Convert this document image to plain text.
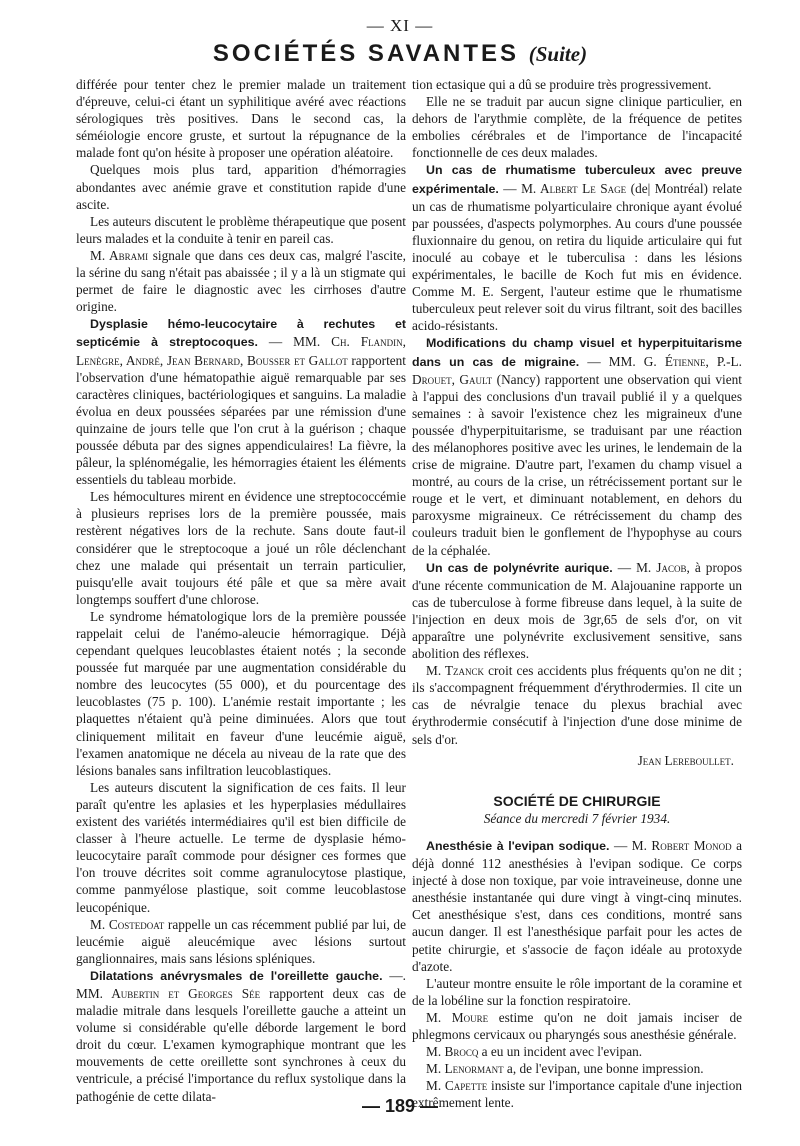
— XI —
SOCIÉTÉS SAVANTES (Suite)

différée pour tenter chez le premier malade un traitement d'épreuve, celui-ci étant un syphilitique avéré avec réactions sérologiques très positives. Dans le second cas, la séméiologie encore gruste, et surtout la répugnance de la malade font qu'on hésite à proposer une opération aléatoire.

Quelques mois plus tard, apparition d'hémorragies abondantes avec anémie grave et constitution rapide d'une ascite.

Les auteurs discutent le problème thérapeutique que posent leurs malades et la conduite à tenir en pareil cas.

M. Abrami signale que dans ces deux cas, malgré l'ascite, la sérine du sang n'était pas abaissée ; il y a là un stigmate qui permet de faire le diagnostic avec les cirrhoses d'autre origine.

Dysplasie hémo-leucocytaire à rechutes et septicémie à streptocoques. — MM. Ch. Flandin, Lenègre, André, Jean Bernard, Bousser et Gallot rapportent l'observation d'une hématopathie aiguë remarquable par ses caractères cliniques, bactériologiques et sanguins. La maladie évolua en deux poussées séparées par une rémission d'une quinzaine de jours telle que l'on crut à la guérison ; chaque poussée débuta par des signes appendiculaires! La fièvre, la pâleur, la splénomégalie, les hémorragies étaient les éléments essentiels du tableau morbide.

Les hémocultures mirent en évidence une streptococcémie à plusieurs reprises lors de la première poussée, mais restèrent négatives lors de la rechute. Sans doute faut-il considérer que le streptocoque a joué un rôle déclenchant chez une malade qui présentait un terrain particulier, puisqu'elle avait toujours été pâle et que sa mère avait longtemps souffert d'une chlorose.

Le syndrome hématologique lors de la première poussée rappelait celui de l'anémo-aleucie hémorragique. Déjà cependant quelques leucoblastes étaient notés ; la seconde poussée fut marquée par une augmentation considérable du nombre des leucocytes (55 000), et du pourcentage des leucoblastes (75 p. 100). L'anémie restait importante ; les plaquettes n'étaient qu'à peine diminuées. Alors que tout cliniquement militait en faveur d'une leucémie aiguë, l'examen anatomique ne décela au niveau de la rate que des lésions banales sans infiltration leucoblastiques.

Les auteurs discutent la signification de ces faits. Il leur paraît qu'entre les aplasies et les hyperplasies médullaires existent des variétés intermédiaires qu'il est bien difficile de classer à l'heure actuelle. Le terme de dysplasie hémo-leucocytaire paraît commode pour désigner ces formes que l'on trouve décrites soit comme agranulocytose plastique, comme panmyélose plastique, soit comme leucoblastose leucopénique.

M. Costedoat rappelle un cas récemment publié par lui, de leucémie aiguë aleucémique avec lésions surtout ganglionnaires, mais sans lésions spléniques.

Dilatations anévrysmales de l'oreillette gauche. —. MM. Aubertin et Georges Sée rapportent deux cas de maladie mitrale dans lesquels l'oreillette gauche a atteint un volume si considérable qu'elle déborde largement le bord droit du cœur. L'examen kymographique montrant que les mouvements de cette oreillette sont synchrones à ceux du ventricule, a précisé l'importance du reflux systolique dans la pathogénie de cette dilata-

tion ectasique qui a dû se produire très progressivement.

Elle ne se traduit par aucun signe clinique particulier, en dehors de l'arythmie complète, de la fréquence de petites embolies cérébrales et de l'importance de l'incapacité fonctionnelle de ces deux malades.

Un cas de rhumatisme tuberculeux avec preuve expérimentale. — M. Albert Le Sage (de| Montréal) relate un cas de rhumatisme polyarticulaire chronique ayant évolué par poussées, d'aspects polymorphes. Au cours d'une poussée fluxionnaire du genou, on retira du liquide articulaire qui fut inoculé au cobaye et le tuberculisa : dans les lésions expérimentales, le bacille de Koch fut mis en évidence. Comme M. E. Sergent, l'auteur estime que le rhumatisme tuberculeux peut relever soit du virus filtrant, soit des bacilles acido-résistants.

Modifications du champ visuel et hyperpituitarisme dans un cas de migraine. — MM. G. Étienne, P.-L. Drouet, Gault (Nancy) rapportent une observation qui vient à l'appui des conclusions d'un travail publié il y a quelques semaines : à savoir l'existence chez les migraineux d'une poussée d'hyperpituitarisme, se traduisant par une réaction des mélanophores positive avec les urines, le lendemain de la crise de migraine. D'autre part, l'examen du champ visuel a montré, au cours de la crise, un rétrécissement portant sur le rouge et le vert, et diminuant notablement, en dehors du paroxysme migraineux. Ce rétrécissement du champ des couleurs traduit bien le gonflement de l'hypophyse au cours de la céphalée.

Un cas de polynévrite aurique. — M. Jacob, à propos d'une récente communication de M. Alajouanine rapporte un cas de tuberculose à forme fibreuse dans lequel, à la suite de l'injection en deux mois de 3gr,65 de sels d'or, on vit apparaître une polynévrite exclusivement sensitive, sans abolition des réflexes.

M. Tzanck croit ces accidents plus fréquents qu'on ne dit ; ils s'accompagnent fréquemment d'érythrodermies. Il cite un cas de névralgie tenace du plexus brachial avec érythrodermie consécutif à l'injection d'une dose minime de sels d'or.

Jean Lereboullet.

SOCIÉTÉ DE CHIRURGIE

Séance du mercredi 7 février 1934.

Anesthésie à l'evipan sodique. — M. Robert Monod a déjà donné 112 anesthésies à l'evipan sodique. Ce corps injecté à dose non toxique, par voie intraveineuse, donne une anesthésie instantanée qui dure vingt à vingt-cinq minutes. Cet anesthésique s'est, dans ces conditions, montré sans aucun danger. Il est l'anesthésique parfait pour les actes de petite chirurgie, et s'associe de façon idéale au protoxyde d'azote.

L'auteur montre ensuite le rôle important de la coramine et de la lobéline sur la fonction respiratoire.

M. Moure estime qu'on ne doit jamais inciser de phlegmons cervicaux ou pharyngés sous anesthésie générale.

M. Brocq a eu un incident avec l'evipan.

M. Lenormant a, de l'evipan, une bonne impression.

M. Capette insiste sur l'importance capitale d'une injection extrêmement lente.

— 189 —
